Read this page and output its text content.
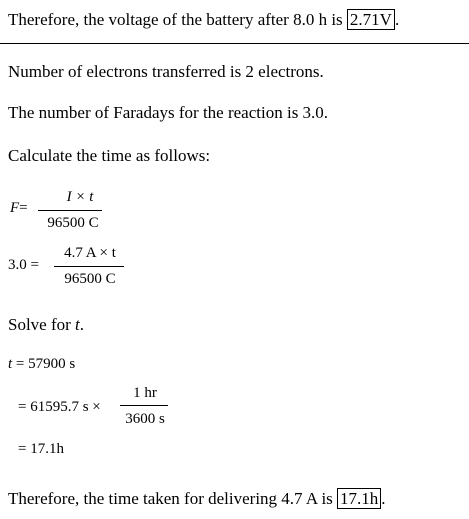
Therefore, the voltage of the battery after 8.0 h is 2.71V .
Number of electrons transferred is 2 electrons.
The number of Faradays for the reaction is 3.0.
Calculate the time as follows:
F=
I × t
96500 C
3.0 =
4.7 A × t
96500 C
Solve for t.
t = 57900 s
= 61595.7 s ×
1 hr
3600 s
= 17.1h
Therefore, the time taken for delivering 4.7 A is 17.1h .
